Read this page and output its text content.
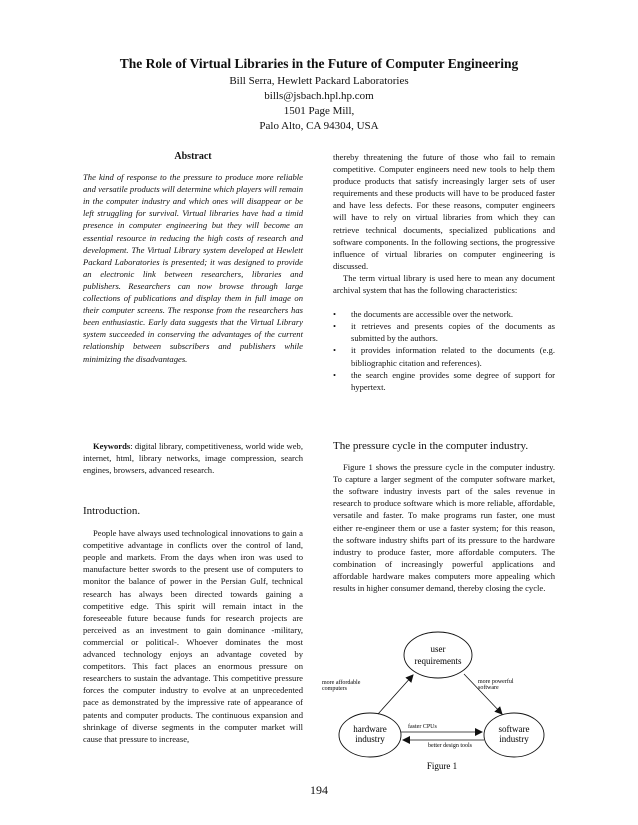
The Role of Virtual Libraries in the Future of Computer Engineering
Bill Serra, Hewlett Packard Laboratories
bills@jsbach.hpl.hp.com
1501 Page Mill,
Palo Alto, CA 94304, USA
Abstract

The kind of response to the pressure to produce more reliable and versatile products will determine which players will remain in the computer industry and which ones will disappear or be left struggling for survival. Virtual libraries have had a timid presence in computer engineering but they will become an essential resource in reducing the high costs of research and development. The Virtual Library system developed at Hewlett Packard Laboratories is presented; it was designed to provide an electronic link between researchers, libraries and publishers. Researchers can now browse through large collections of publications and display them in full image on their computer screens. The response from the researchers has been enthusiastic. Early data suggests that the Virtual Library system succeeded in conserving the advantages of the current relationship between subscribers and publishers while minimizing the disadvantages.

Keywords: digital library, competitiveness, world wide web, internet, html, library networks, image compression, search engines, browsers, advanced research.

Introduction.

People have always used technological innovations to gain a competitive advantage in conflicts over the control of land, people and markets. From the days when iron was used to manufacture better swords to the present use of computers to monitor the balance of power in the Persian Gulf, technical research has always been directed towards gaining a competitive edge. This spirit will remain intact in the foreseeable future because funds for research projects are perceived as an investment to gain dominance -military, commercial or political-. Whoever dominates the most advanced technology enjoys an advantage coveted by competitors. This fact places an enormous pressure on researchers to sustain the advantage. This competitive pressure forces the computer industry to evolve at an unprecedented pace as demonstrated by the impressive rate of appearance of patents and computer products. The continuous expansion and shrinkage of diverse segments in the computer market will cause that pressure to increase,

thereby threatening the future of those who fail to remain competitive. Computer engineers need new tools to help them produce products that satisfy increasingly larger sets of user requirements and these products will have to be produced faster and have less defects. For these reasons, computer engineers will have to rely on virtual libraries from which they can retrieve technical documents, specialized publications and software components. In the following sections, the progressive influence of virtual libraries on computer engineering is discussed.

The term virtual library is used here to mean any document archival system that has the following characteristics:

• the documents are accessible over the network.
• it retrieves and presents copies of the documents as submitted by the authors.
• it provides information related to the documents (e.g. bibliographic citation and references).
• the search engine provides some degree of support for hypertext.
The pressure cycle in the computer industry.

Figure 1 shows the pressure cycle in the computer industry. To capture a larger segment of the computer software market, the software industry invests part of the sales revenue in research to produce software which is more reliable, affordable, versatile and faster. To make programs run faster, one must either re-engineer them or use a faster system; for this reason, the software industry shifts part of its pressure to the hardware industry to produce faster, more affordable computers. The combination of increasingly powerful applications and affordable hardware makes computers more appealing which results in higher consumer demand, thereby closing the cycle.

user
requirements
hardware
industry
software
industry
more affordable
computers
more powerful
software
faster CPUs
better design tools
Figure 1
194
